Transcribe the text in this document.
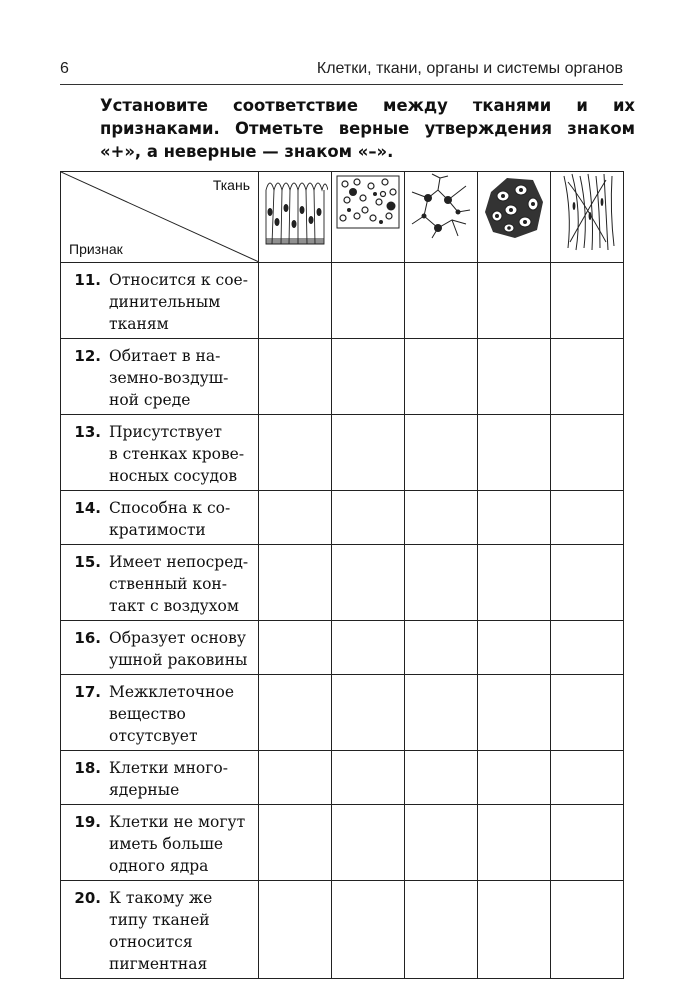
6	Клетки, ткани, органы и системы органов
Установите соответствие между тканями и их признаками. Отметьте верные утверждения знаком «+», а неверные — знаком «–».
Ткань
Признак

11. Относится к сое-
динительным
тканям					

12. Обитает в на-
земно-воздуш-
ной среде					

13. Присутствует
в стенках крове-
носных сосудов					

14. Способна к со-
кратимости					

15. Имеет непосред-
ственный кон-
такт с воздухом					

16. Образует основу
ушной раковины					

17. Межклеточное
вещество
отсутсвует					

18. Клетки много-
ядерные					

19. Клетки не могут
иметь больше
одного ядра					

20. К такому же
типу тканей
относится
пигментная					
